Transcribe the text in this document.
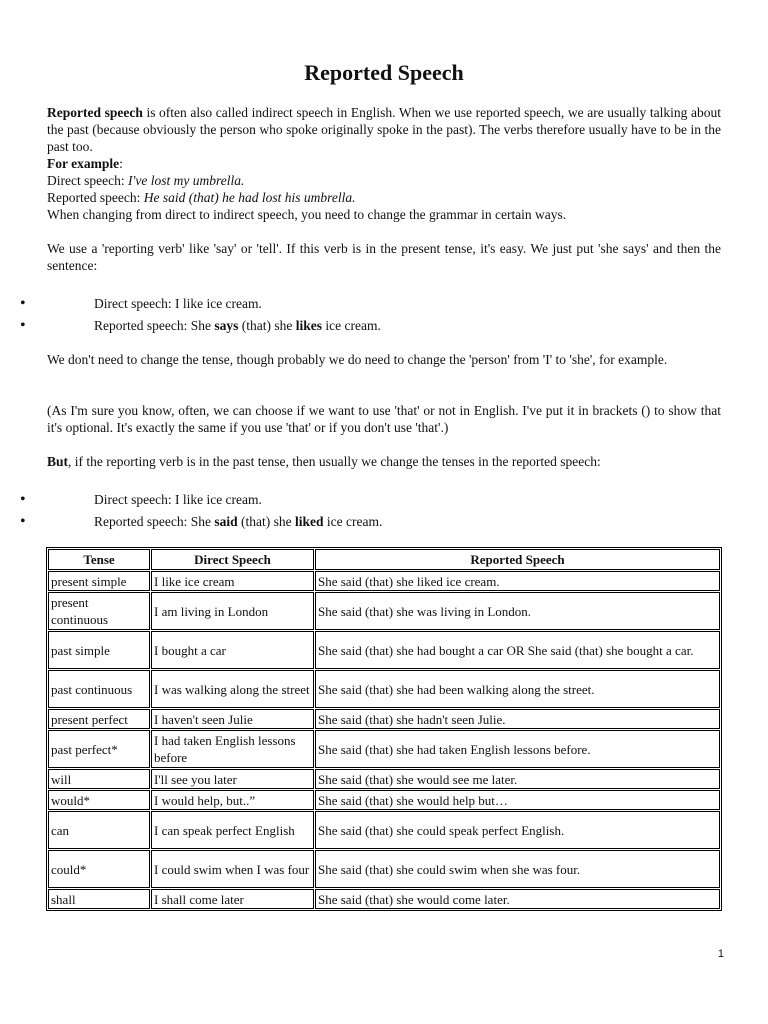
Reported Speech
Reported speech is often also called indirect speech in English. When we use reported speech, we are usually talking about the past (because obviously the person who spoke originally spoke in the past). The verbs therefore usually have to be in the past too.
For example:
Direct speech: I've lost my umbrella.
Reported speech: He said (that) he had lost his umbrella.
When changing from direct to indirect speech, you need to change the grammar in certain ways.
We use a 'reporting verb' like 'say' or 'tell'. If this verb is in the present tense, it's easy. We just put 'she says' and then the sentence:
•	Direct speech: I like ice cream.
•	Reported speech: She says (that) she likes ice cream.
We don't need to change the tense, though probably we do need to change the 'person' from 'I' to 'she', for example.
(As I'm sure you know, often, we can choose if we want to use 'that' or not in English. I've put it in brackets () to show that it's optional. It's exactly the same if you use 'that' or if you don't use 'that'.)
But, if the reporting verb is in the past tense, then usually we change the tenses in the reported speech:
•	Direct speech: I like ice cream.
•	Reported speech: She said (that) she liked ice cream.
Tense	Direct Speech	Reported Speech
present simple	I like ice cream	She said (that) she liked ice cream.
present continuous	I am living in London	She said (that) she was living in London.
past simple	I bought a car	She said (that) she had bought a car OR She said (that) she bought a car.
past continuous	I was walking along the street	She said (that) she had been walking along the street.
present perfect	I haven't seen Julie	She said (that) she hadn't seen Julie.
past perfect*	I had taken English lessons before	She said (that) she had taken English lessons before.
will	I'll see you later	She said (that) she would see me later.
would*	I would help, but..”	She said (that) she would help but…
can	I can speak perfect English	She said (that) she could speak perfect English.
could*	I could swim when I was four	She said (that) she could swim when she was four.
shall	I shall come later	She said (that) she would come later.
1
